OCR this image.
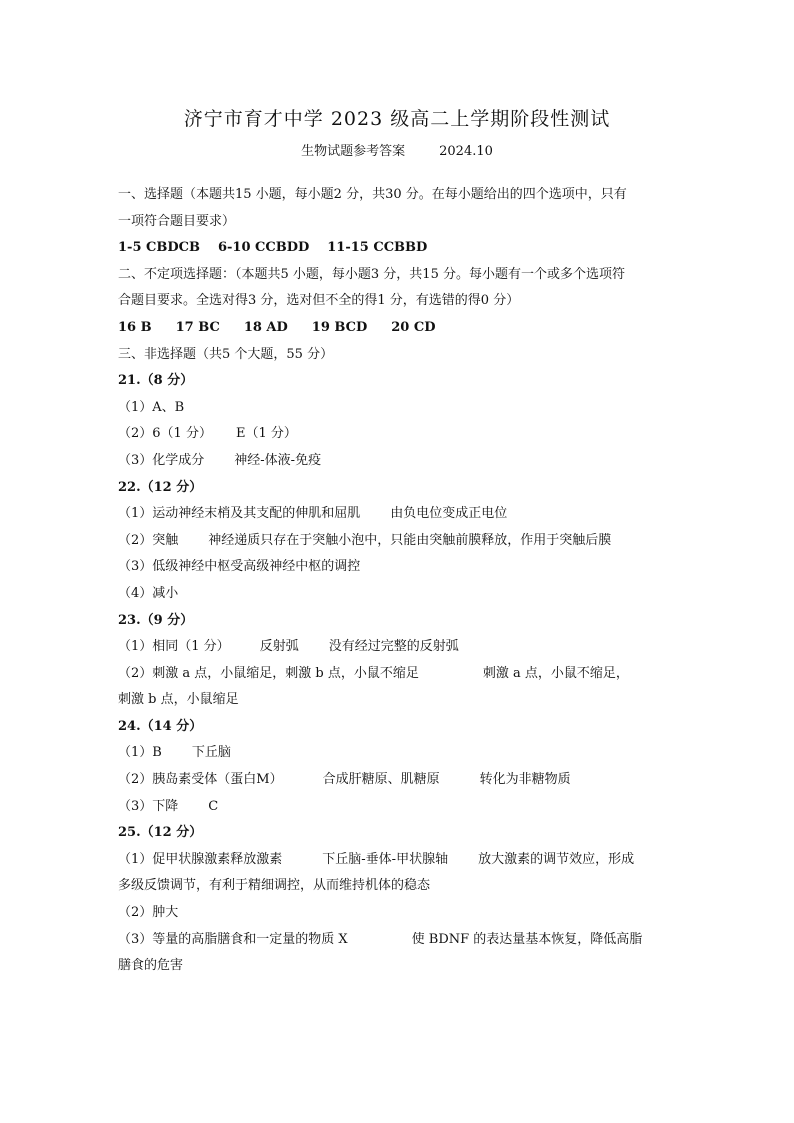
济宁市育才中学 2023 级高二上学期阶段性测试
生物试题参考答案	2024.10
一、选择题（本题共15 小题，每小题2 分，共30 分。在每小题给出的四个选项中，只有
一项符合题目要求）
1-5 CBDCB 6-10 CCBDD 11-15 CCBBD
二、不定项选择题：（本题共5 小题，每小题3 分，共15 分。每小题有一个或多个选项符
合题目要求。全选对得3 分，选对但不全的得1 分，有选错的得0 分）
16 B 17 BC 18 AD 19 BCD 20 CD
三、非选择题（共5 个大题，55 分）
21.（8 分）
（1）A、B
（2）6（1 分） E（1 分）
（3）化学成分 神经-体液-免疫
22.（12 分）
（1）运动神经末梢及其支配的伸肌和屈肌 由负电位变成正电位
（2）突触 神经递质只存在于突触小泡中，只能由突触前膜释放，作用于突触后膜
（3）低级神经中枢受高级神经中枢的调控
（4）减小
23.（9 分）
（1）相同（1 分） 反射弧 没有经过完整的反射弧
（2）刺激 a 点，小鼠缩足，刺激 b 点，小鼠不缩足	刺激 a 点，小鼠不缩足，
刺激 b 点，小鼠缩足
24.（14 分）
（1）B 下丘脑
（2）胰岛素受体（蛋白M）	合成肝糖原、肌糖原	转化为非糖物质
（3）下降 C
25.（12 分）
（1）促甲状腺激素释放激素	下丘脑-垂体-甲状腺轴 放大激素的调节效应，形成
多级反馈调节，有利于精细调控，从而维持机体的稳态
（2）肿大
（3）等量的高脂膳食和一定量的物质 X	使 BDNF 的表达量基本恢复，降低高脂
膳食的危害
